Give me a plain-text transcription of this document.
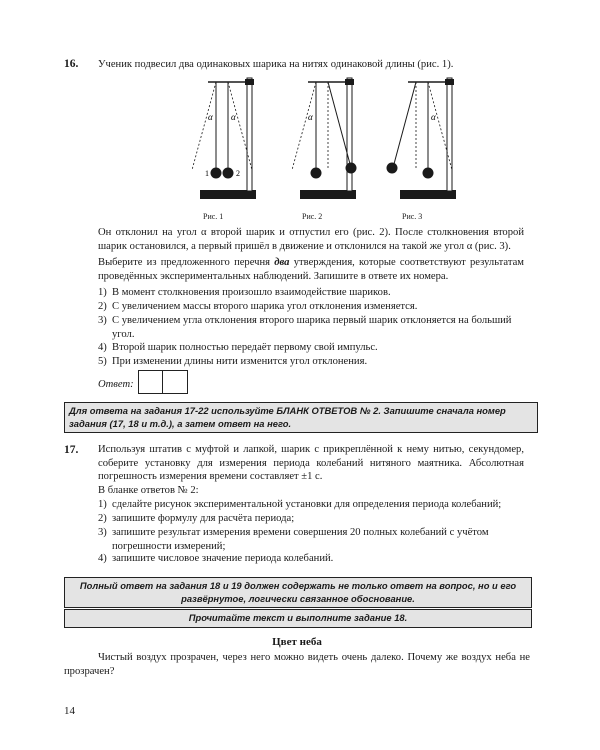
16. Ученик подвесил два одинаковых шарика на нитях одинаковой длины (рис. 1).
1	2
α α	α	α
Рис. 1	Рис. 2	Рис. 3
Он отклонил на угол α второй шарик и отпустил его (рис. 2). После столкновения второй шарик остановился, а первый пришёл в движение и отклонился на такой же угол α (рис. 3).
Выберите из предложенного перечня два утверждения, которые соответствуют результатам проведённых экспериментальных наблюдений. Запишите в ответе их номера.
1) В момент столкновения произошло взаимодействие шариков.
2) С увеличением массы второго шарика угол отклонения изменяется.
3) С увеличением угла отклонения второго шарика первый шарик отклоняется на больший угол.
4) Второй шарик полностью передаёт первому свой импульс.
5) При изменении длины нити изменится угол отклонения.
Ответ:
Для ответа на задания 17-22 используйте БЛАНК ОТВЕТОВ № 2. Запишите сначала номер задания (17, 18 и т.д.), а затем ответ на него.
17. Используя штатив с муфтой и лапкой, шарик с прикреплённой к нему нитью, секундомер, соберите установку для измерения периода колебаний нитяного маятника. Абсолютная погрешность измерения времени составляет ±1 с.
В бланке ответов № 2:
1) сделайте рисунок экспериментальной установки для определения периода колебаний;
2) запишите формулу для расчёта периода;
3) запишите результат измерения времени совершения 20 полных колебаний с учётом погрешности измерений;
4) запишите числовое значение периода колебаний.
Полный ответ на задания 18 и 19 должен содержать не только ответ на вопрос, но и его развёрнутое, логически связанное обоснование.
Прочитайте текст и выполните задание 18.
Цвет неба
Чистый воздух прозрачен, через него можно видеть очень далеко. Почему же воздух неба не прозрачен?
14
